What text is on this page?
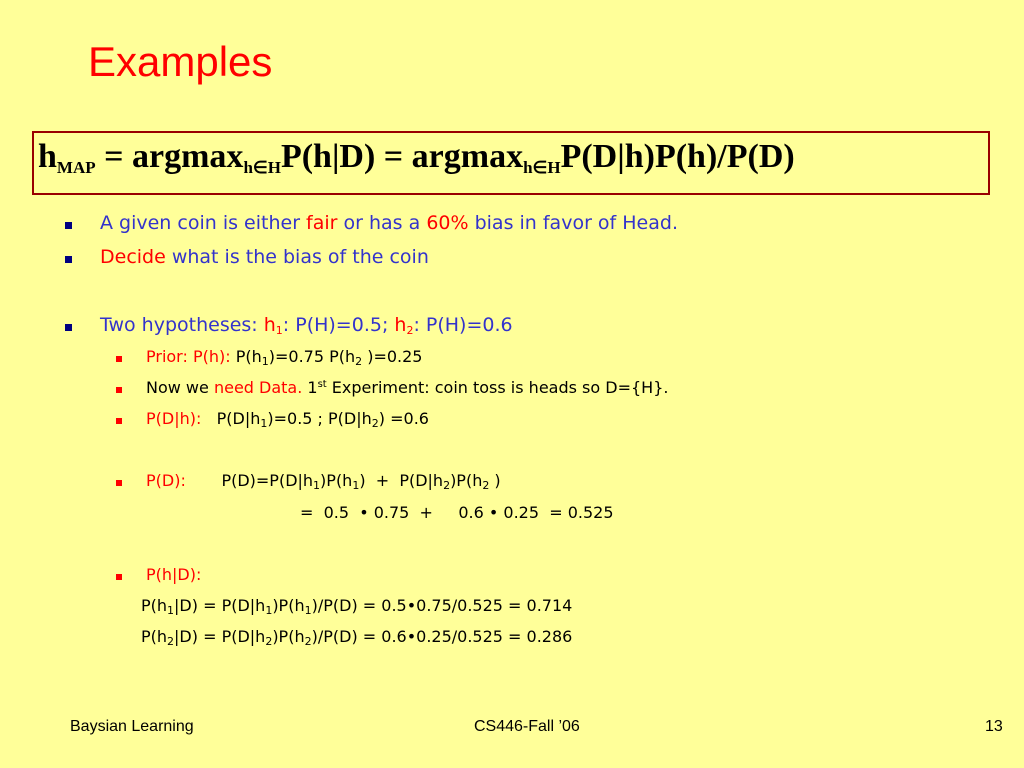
Examples
$h_{MAP} = argmax_{h\in H}P(h|D) = argmax_{h\in H}P(D|h)P(h)/P(D)$
A given coin is either fair or has a 60% bias in favor of Head.
Decide what is the bias of the coin
Two hypotheses: $h_1$: P(H)=0.5; $h_2$: P(H)=0.6
Prior: P(h): $P(h_1)=0.75$ $P(h_2$ )=0.25
Now we need Data. 1st Experiment: coin toss is heads so D={H}.
P(D|h):   $P(D|h_1)=0.5$ ; $P(D|h_2) =0.6$
P(D):       $P(D)=P(D|h_1)P(h_1) + P(D|h_2)P(h_2$ )
=  0.5  • 0.75  +     0.6 • 0.25  = 0.525
P(h|D):
$P(h_1|D) = P(D|h_1)P(h_1)/P(D)$ = 0.5•0.75/0.525 = 0.714
$P(h_2|D) = P(D|h_2)P(h_2)/P(D)$ = 0.6•0.25/0.525 = 0.286
Baysian Learning	CS446-Fall ’06	13
